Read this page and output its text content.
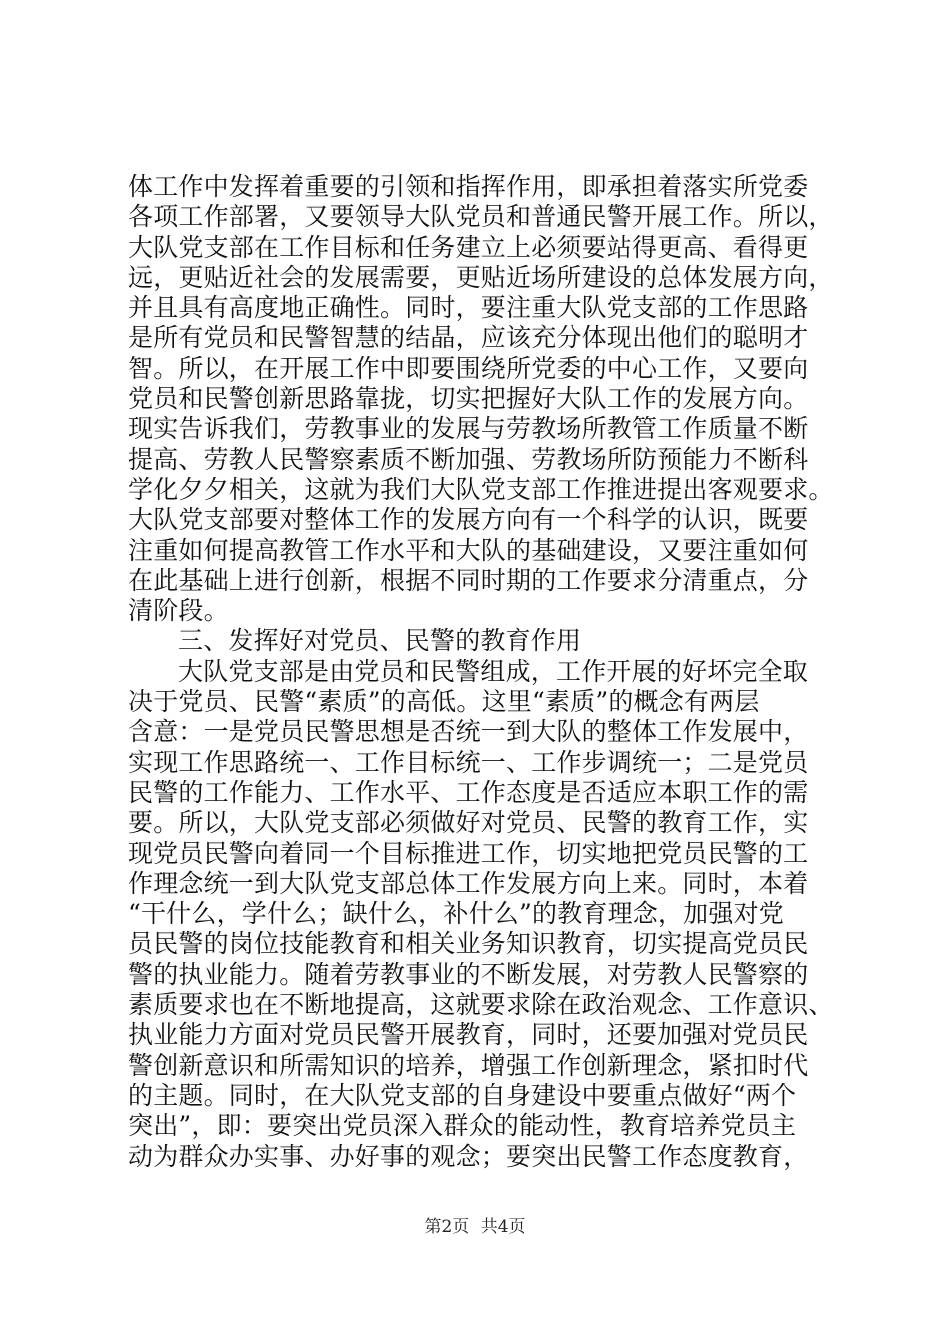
体工作中发挥着重要的引领和指挥作用，即承担着落实所党委
各项工作部署，又要领导大队党员和普通民警开展工作。所以，
大队党支部在工作目标和任务建立上必须要站得更高、看得更
远，更贴近社会的发展需要，更贴近场所建设的总体发展方向，
并且具有高度地正确性。同时，要注重大队党支部的工作思路
是所有党员和民警智慧的结晶，应该充分体现出他们的聪明才
智。所以，在开展工作中即要围绕所党委的中心工作，又要向
党员和民警创新思路靠拢，切实把握好大队工作的发展方向。
现实告诉我们，劳教事业的发展与劳教场所教管工作质量不断
提高、劳教人民警察素质不断加强、劳教场所防预能力不断科
学化夕夕相关，这就为我们大队党支部工作推进提出客观要求。
大队党支部要对整体工作的发展方向有一个科学的认识，既要
注重如何提高教管工作水平和大队的基础建设，又要注重如何
在此基础上进行创新，根据不同时期的工作要求分清重点，分
清阶段。
三、发挥好对党员、民警的教育作用
大队党支部是由党员和民警组成，工作开展的好坏完全取
决于党员、民警“素质”的高低。这里“素质”的概念有两层
含意：一是党员民警思想是否统一到大队的整体工作发展中，
实现工作思路统一、工作目标统一、工作步调统一；二是党员
民警的工作能力、工作水平、工作态度是否适应本职工作的需
要。所以，大队党支部必须做好对党员、民警的教育工作，实
现党员民警向着同一个目标推进工作，切实地把党员民警的工
作理念统一到大队党支部总体工作发展方向上来。同时，本着
“干什么，学什么；缺什么，补什么”的教育理念，加强对党
员民警的岗位技能教育和相关业务知识教育，切实提高党员民
警的执业能力。随着劳教事业的不断发展，对劳教人民警察的
素质要求也在不断地提高，这就要求除在政治观念、工作意识、
执业能力方面对党员民警开展教育，同时，还要加强对党员民
警创新意识和所需知识的培养，增强工作创新理念，紧扣时代
的主题。同时，在大队党支部的自身建设中要重点做好“两个
突出”，即：要突出党员深入群众的能动性，教育培养党员主
动为群众办实事、办好事的观念；要突出民警工作态度教育，
第2页 共4页
